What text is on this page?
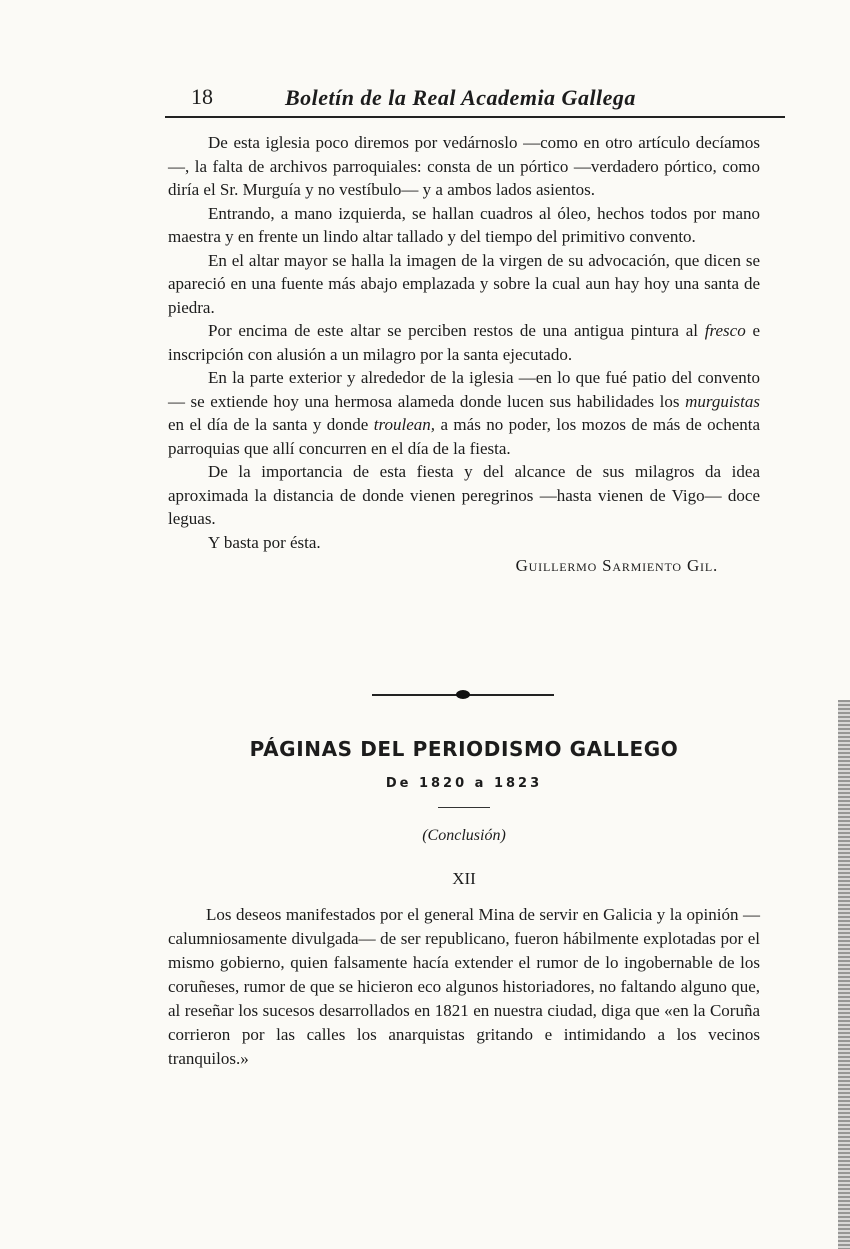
18	Boletín de la Real Academia Gallega

De esta iglesia poco diremos por vedárnoslo —como en otro artículo decíamos—, la falta de archivos parroquiales: consta de un pórtico —verdadero pórtico, como diría el Sr. Murguía y no vestíbulo— y a ambos lados asientos.

Entrando, a mano izquierda, se hallan cuadros al óleo, hechos todos por mano maestra y en frente un lindo altar tallado y del tiempo del primitivo convento.

En el altar mayor se halla la imagen de la virgen de su advocación, que dicen se apareció en una fuente más abajo emplazada y sobre la cual aun hay hoy una santa de piedra.

Por encima de este altar se perciben restos de una antigua pintura al fresco e inscripción con alusión a un milagro por la santa ejecutado.

En la parte exterior y alrededor de la iglesia —en lo que fué patio del convento— se extiende hoy una hermosa alameda donde lucen sus habilidades los murguistas en el día de la santa y donde troulean, a más no poder, los mozos de más de ochenta parroquias que allí concurren en el día de la fiesta.

De la importancia de esta fiesta y del alcance de sus milagros da idea aproximada la distancia de donde vienen peregrinos —hasta vienen de Vigo— doce leguas.

Y basta por ésta.

Guillermo Sarmiento Gil.
PÁGINAS DEL PERIODISMO GALLEGO
De 1820 a 1823
(Conclusión)
XII

Los deseos manifestados por el general Mina de servir en Galicia y la opinión —calumniosamente divulgada— de ser republicano, fueron hábilmente explotadas por el mismo gobierno, quien falsamente hacía extender el rumor de lo ingobernable de los coruñeses, rumor de que se hicieron eco algunos historiadores, no faltando alguno que, al reseñar los sucesos desarrollados en 1821 en nuestra ciudad, diga que «en la Coruña corrieron por las calles los anarquistas gritando e intimidando a los vecinos tranquilos.»
